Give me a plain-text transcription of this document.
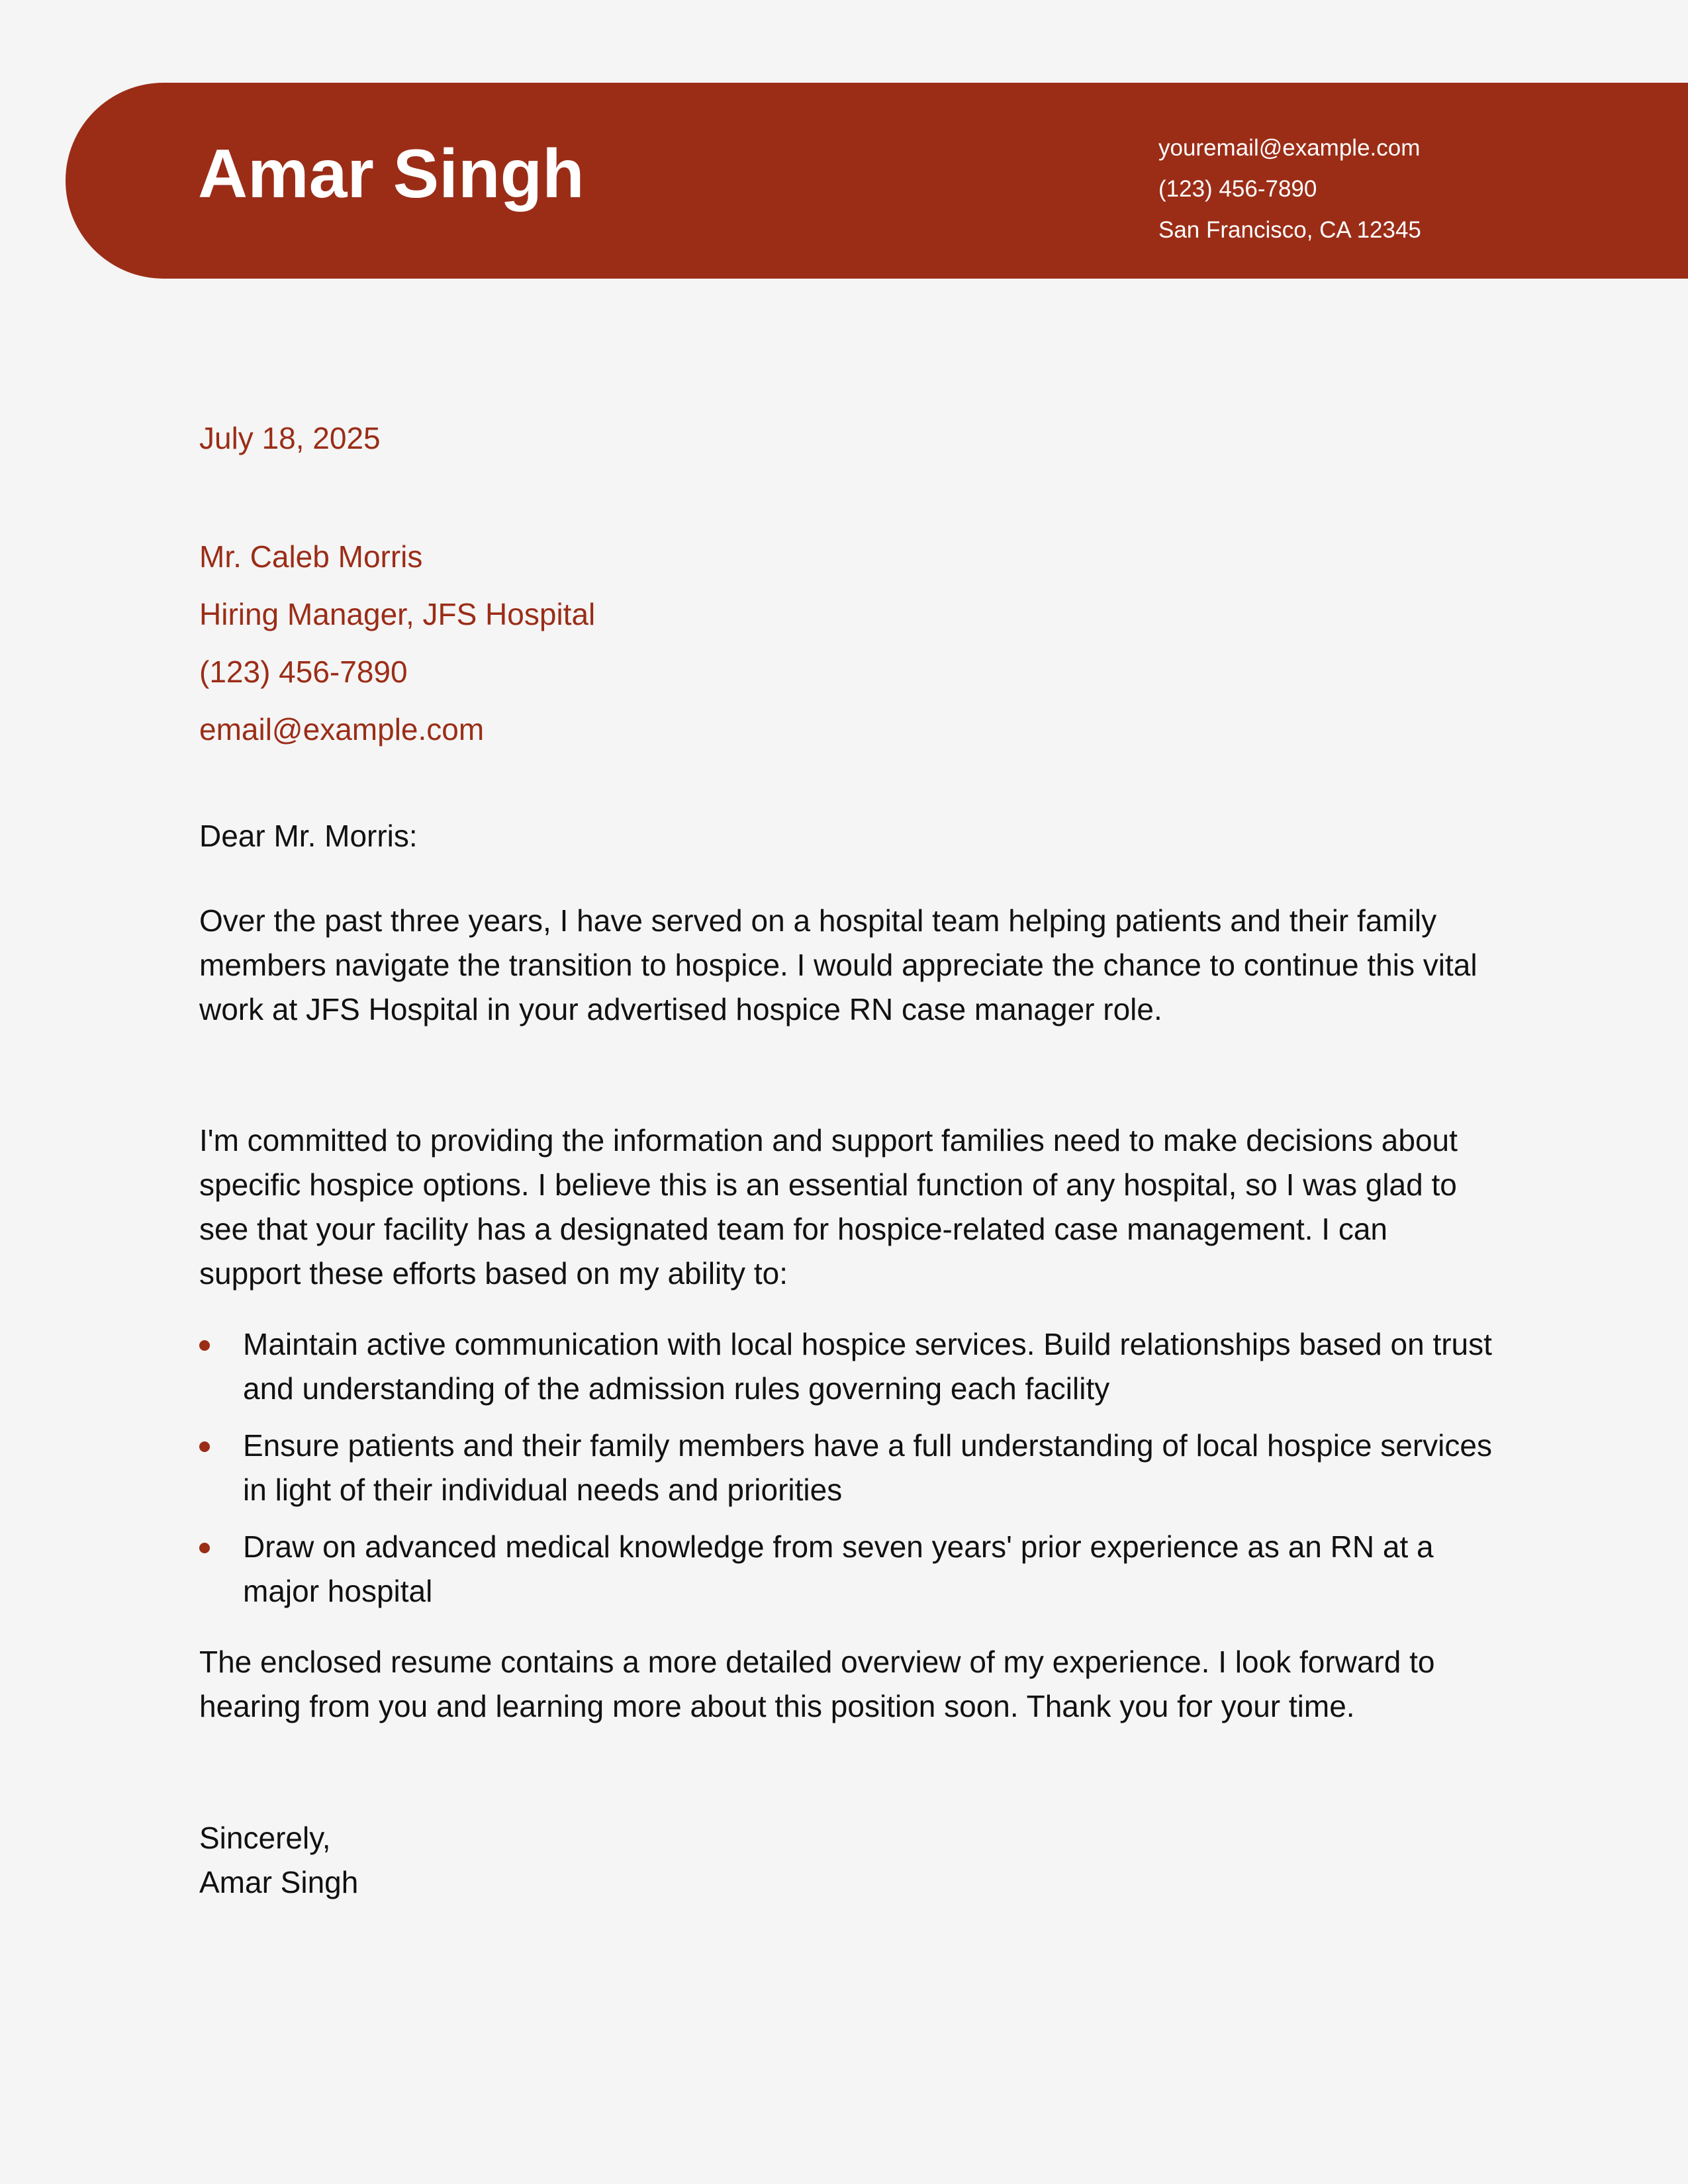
Amar Singh	youremail@example.com
(123) 456-7890
San Francisco, CA 12345
July 18, 2025
Mr. Caleb Morris
Hiring Manager, JFS Hospital
(123) 456-7890
email@example.com
Dear Mr. Morris:

Over the past three years, I have served on a hospital team helping patients and their family members navigate the transition to hospice. I would appreciate the chance to continue this vital work at JFS Hospital in your advertised hospice RN case manager role.

I'm committed to providing the information and support families need to make decisions about specific hospice options. I believe this is an essential function of any hospital, so I was glad to see that your facility has a designated team for hospice-related case management. I can support these efforts based on my ability to:

Maintain active communication with local hospice services. Build relationships based on trust and understanding of the admission rules governing each facility
Ensure patients and their family members have a full understanding of local hospice services in light of their individual needs and priorities
Draw on advanced medical knowledge from seven years' prior experience as an RN at a major hospital

The enclosed resume contains a more detailed overview of my experience. I look forward to hearing from you and learning more about this position soon. Thank you for your time.

Sincerely,
Amar Singh
